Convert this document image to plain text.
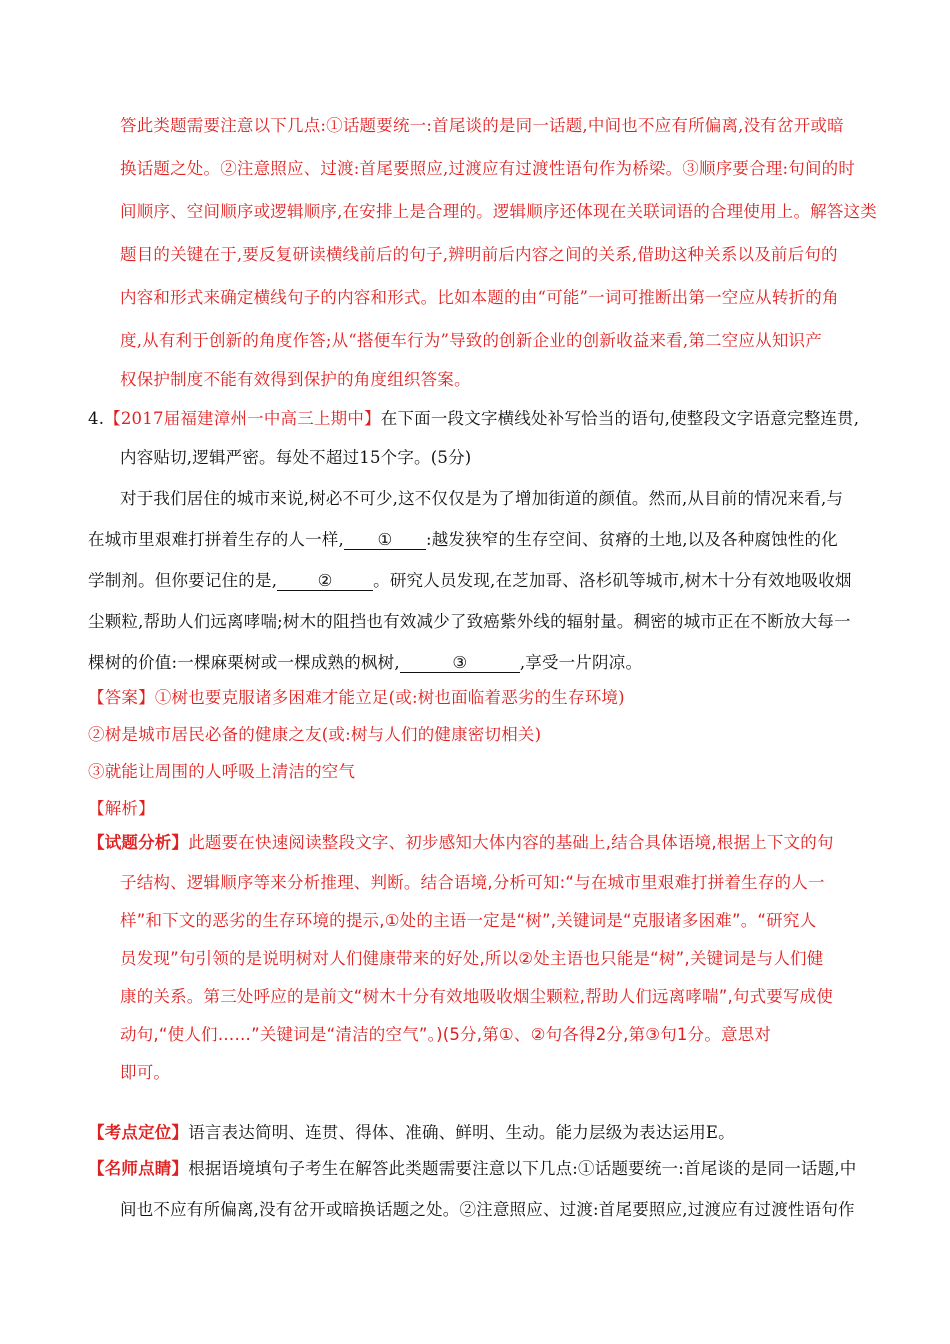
答此类题需要注意以下几点:①话题要统一:首尾谈的是同一话题,中间也不应有所偏离,没有岔开或暗
换话题之处。②注意照应、过渡:首尾要照应,过渡应有过渡性语句作为桥梁。③顺序要合理:句间的时
间顺序、空间顺序或逻辑顺序,在安排上是合理的。逻辑顺序还体现在关联词语的合理使用上。解答这类
题目的关键在于,要反复研读横线前后的句子,辨明前后内容之间的关系,借助这种关系以及前后句的
内容和形式来确定横线句子的内容和形式。比如本题的由“可能”一词可推断出第一空应从转折的角
度,从有利于创新的角度作答;从“搭便车行为”导致的创新企业的创新收益来看,第二空应从知识产
权保护制度不能有效得到保护的角度组织答案。
4.【2017届福建漳州一中高三上期中】在下面一段文字横线处补写恰当的语句,使整段文字语意完整连贯,
内容贴切,逻辑严密。每处不超过15个字。(5分)
对于我们居住的城市来说,树必不可少,这不仅仅是为了增加街道的颜值。然而,从目前的情况来看,与
在城市里艰难打拼着生存的人一样, ① :越发狭窄的生存空间、贫瘠的土地,以及各种腐蚀性的化
学制剂。但你要记住的是, ② 。研究人员发现,在芝加哥、洛杉矶等城市,树木十分有效地吸收烟
尘颗粒,帮助人们远离哮喘;树木的阻挡也有效减少了致癌紫外线的辐射量。稠密的城市正在不断放大每一
棵树的价值:一棵麻栗树或一棵成熟的枫树,	③	,享受一片阴凉。
【答案】①树也要克服诸多困难才能立足(或:树也面临着恶劣的生存环境)
②树是城市居民必备的健康之友(或:树与人们的健康密切相关)
③就能让周围的人呼吸上清洁的空气
【解析】
【试题分析】此题要在快速阅读整段文字、初步感知大体内容的基础上,结合具体语境,根据上下文的句
子结构、逻辑顺序等来分析推理、判断。结合语境,分析可知:“与在城市里艰难打拼着生存的人一
样”和下文的恶劣的生存环境的提示,①处的主语一定是“树”,关键词是“克服诸多困难”。“研究人
员发现”句引领的是说明树对人们健康带来的好处,所以②处主语也只能是“树”,关键词是与人们健
康的关系。第三处呼应的是前文“树木十分有效地吸收烟尘颗粒,帮助人们远离哮喘”,句式要写成使
动句,“使人们……”关键词是“清洁的空气”。)(5分,第①、②句各得2分,第③句1分。意思对
即可。
【考点定位】语言表达简明、连贯、得体、准确、鲜明、生动。能力层级为表达运用E。
【名师点睛】根据语境填句子考生在解答此类题需要注意以下几点:①话题要统一:首尾谈的是同一话题,中
间也不应有所偏离,没有岔开或暗换话题之处。②注意照应、过渡:首尾要照应,过渡应有过渡性语句作
